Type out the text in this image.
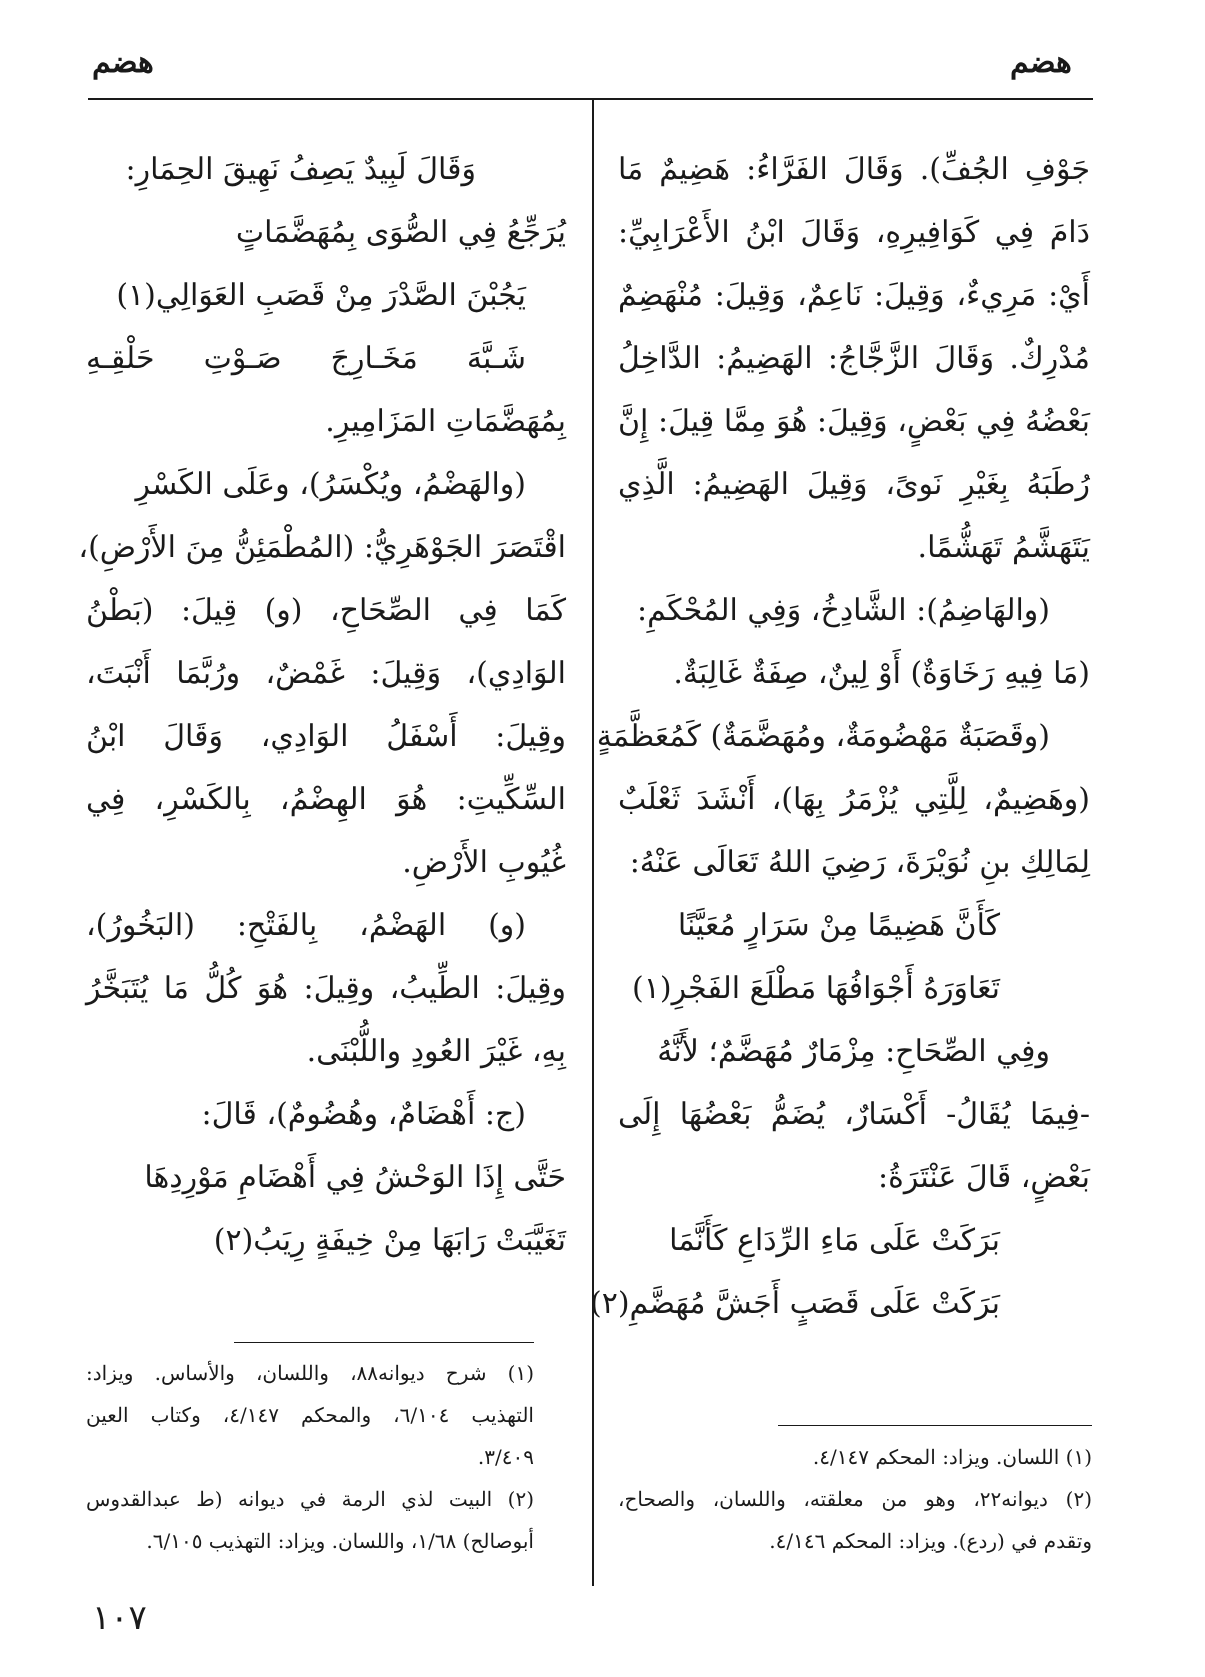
هضم
هضم
جَوْفِ الجُفِّ). وَقَالَ الفَرَّاءُ: هَضِيمٌ مَا
دَامَ فِي كَوَافِيرِهِ، وَقَالَ ابْنُ الأَعْرَابِيِّ:
أَيْ: مَرِيءٌ، وَقِيلَ: نَاعِمٌ، وَقِيلَ: مُنْهَضِمٌ
مُدْرِكٌ. وَقَالَ الزَّجَّاجُ: الهَضِيمُ: الدَّاخِلُ
بَعْضُهُ فِي بَعْضٍ، وَقِيلَ: هُوَ مِمَّا قِيلَ: إِنَّ
رُطَبَهُ بِغَيْرِ نَوىً، وَقِيلَ الهَضِيمُ: الَّذِي
يَتَهَشَّمُ تَهَشُّمًا.
(والهَاضِمُ): الشَّادِخُ، وَفِي المُحْكَمِ:
(مَا فِيهِ رَخَاوَةٌ) أَوْ لِينٌ، صِفَةٌ غَالِبَةٌ.
(وقَصَبَةٌ مَهْضُومَةٌ، ومُهَضَّمَةٌ) كَمُعَظَّمَةٍ
(وهَضِيمٌ، لِلَّتِي يُزْمَرُ بِهَا)، أَنْشَدَ ثَعْلَبٌ
لِمَالِكِ بنِ نُوَيْرَةَ، رَضِيَ اللهُ تَعَالَى عَنْهُ:
كَأَنَّ هَضِيمًا مِنْ سَرَارٍ مُعَيَّنًا
تَعَاوَرَهُ أَجْوَافُهَا مَطْلَعَ الفَجْرِ(١)
وفِي الصِّحَاحِ: مِزْمَارٌ مُهَضَّمٌ؛ لأَنَّهُ
-فِيمَا يُقَالُ- أَكْسَارٌ، يُضَمُّ بَعْضُهَا إِلَى
بَعْضٍ، قَالَ عَنْتَرَةُ:
بَرَكَتْ عَلَى مَاءِ الرِّدَاعِ كَأَنَّمَا
بَرَكَتْ عَلَى قَصَبٍ أَجَشَّ مُهَضَّمِ(٢)
وَقَالَ لَبِيدٌ يَصِفُ نَهِيقَ الحِمَارِ:
يُرَجِّعُ فِي الصُّوَى بِمُهَضَّمَاتٍ
يَجُبْنَ الصَّدْرَ مِنْ قَصَبِ العَوَالِي(١)
شَـبَّهَ مَخَـارِجَ صَـوْتِ حَلْقِـهِ
بِمُهَضَّمَاتِ المَزَامِيرِ.
(والهَضْمُ، ويُكْسَرُ)، وعَلَى الكَسْرِ
اقْتَصَرَ الجَوْهَرِيُّ: (المُطْمَئِنُّ مِنَ الأَرْضِ)،
كَمَا فِي الصِّحَاحِ، (و) قِيلَ: (بَطْنُ
الوَادِي)، وَقِيلَ: غَمْضٌ، ورُبَّمَا أَنْبَتَ،
وقِيلَ: أَسْفَلُ الوَادِي، وَقَالَ ابْنُ
السِّكِّيتِ: هُوَ الهِضْمُ، بِالكَسْرِ، فِي
غُيُوبِ الأَرْضِ.
(و) الهَضْمُ، بِالفَتْحِ: (البَخُورُ)،
وقِيلَ: الطِّيبُ، وقِيلَ: هُوَ كُلُّ مَا يُتَبَخَّرُ
بِهِ، غَيْرَ العُودِ واللُّبْنَى.
(ج: أَهْضَامٌ، وهُضُومٌ)، قَالَ:
حَتَّى إِذَا الوَحْشُ فِي أَهْضَامِ مَوْرِدِهَا
تَغَيَّبَتْ رَابَهَا مِنْ خِيفَةٍ رِيَبُ(٢)
(١) اللسان. ويزاد: المحكم ٤/١٤٧.
(٢) ديوانه٢٢، وهو من معلقته، واللسان، والصحاح،
وتقدم في (ردع). ويزاد: المحكم ٤/١٤٦.
(١) شرح ديوانه٨٨، واللسان، والأساس. ويزاد:
التهذيب ٦/١٠٤، والمحكم ٤/١٤٧، وكتاب العين
٣/٤٠٩.
(٢) البيت لذي الرمة في ديوانه (ط عبدالقدوس
أبوصالح) ١/٦٨، واللسان. ويزاد: التهذيب ٦/١٠٥.
١٠٧
